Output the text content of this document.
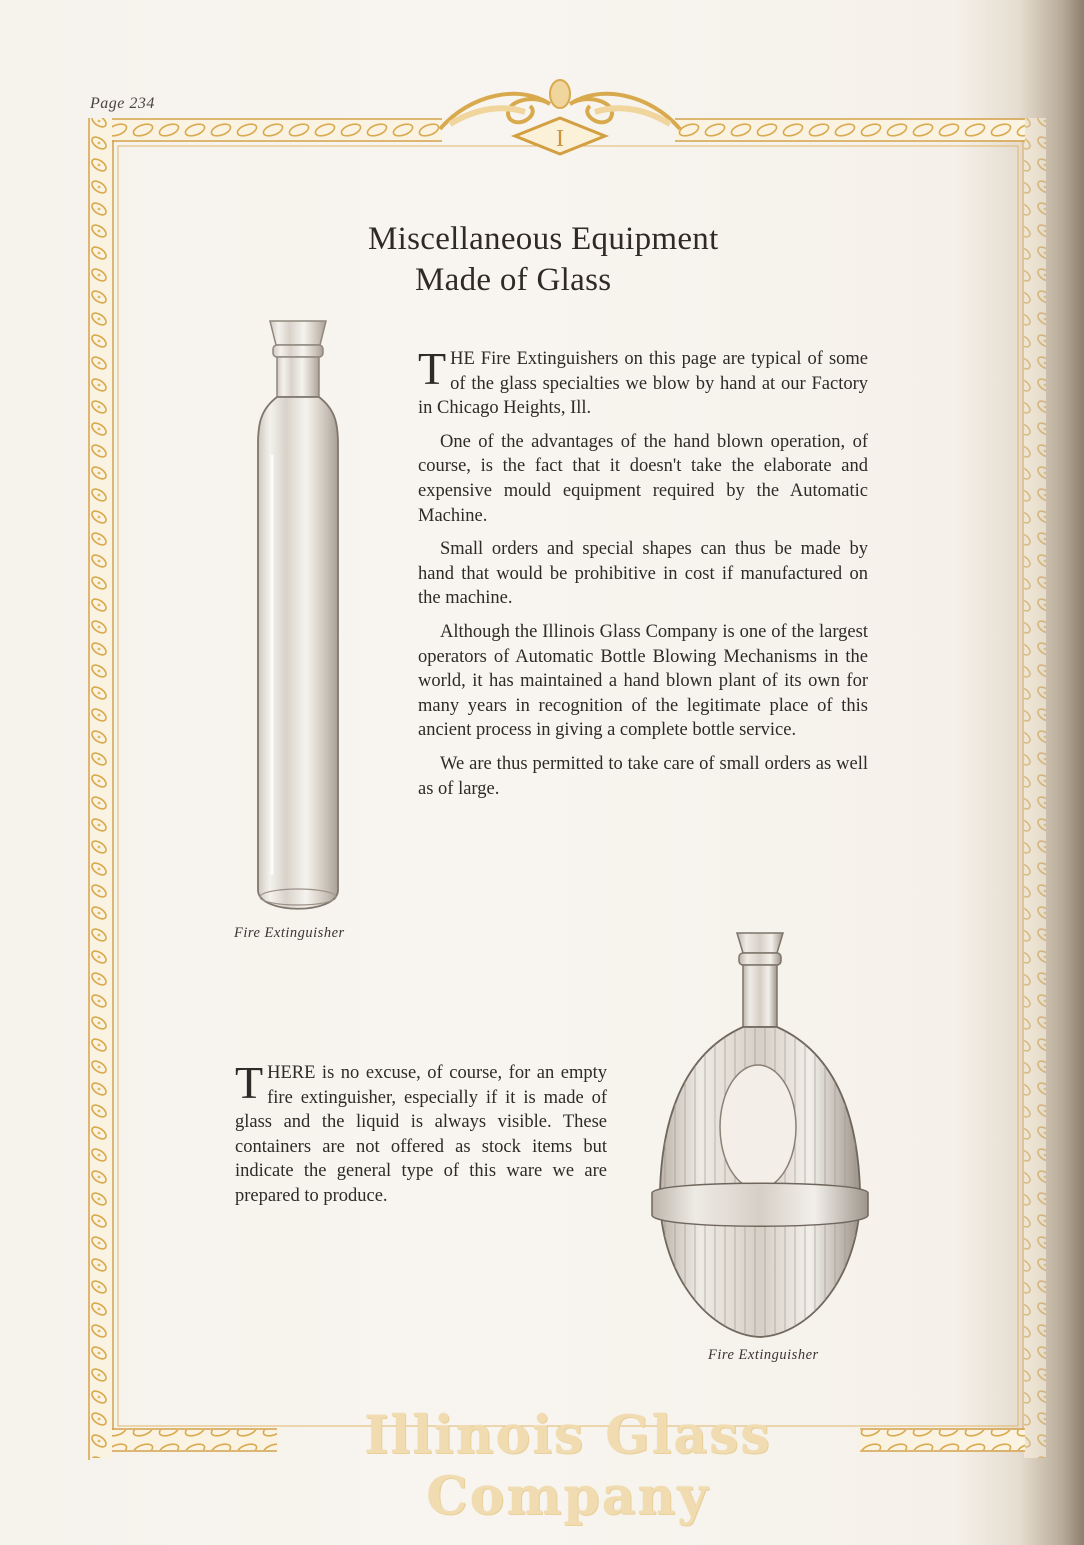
I
Page 234
Miscellaneous Equipment
Made of Glass
Fire Extinguisher

THE Fire Extinguishers on this page are typical of some of the glass specialties we blow by hand at our Factory in Chicago Heights, Ill.

One of the advantages of the hand blown operation, of course, is the fact that it doesn't take the elaborate and expensive mould equipment required by the Automatic Machine.

Small orders and special shapes can thus be made by hand that would be prohibitive in cost if manufactured on the machine.

Although the Illinois Glass Company is one of the largest operators of Automatic Bottle Blowing Mechanisms in the world, it has maintained a hand blown plant of its own for many years in recognition of the legitimate place of this ancient process in giving a complete bottle service.

We are thus permitted to take care of small orders as well as of large.

Fire Extinguisher

THERE is no excuse, of course, for an empty fire extinguisher, especially if it is made of glass and the liquid is always visible. These containers are not offered as stock items but indicate the general type of this ware we are prepared to produce.

Illinois Glass Company
